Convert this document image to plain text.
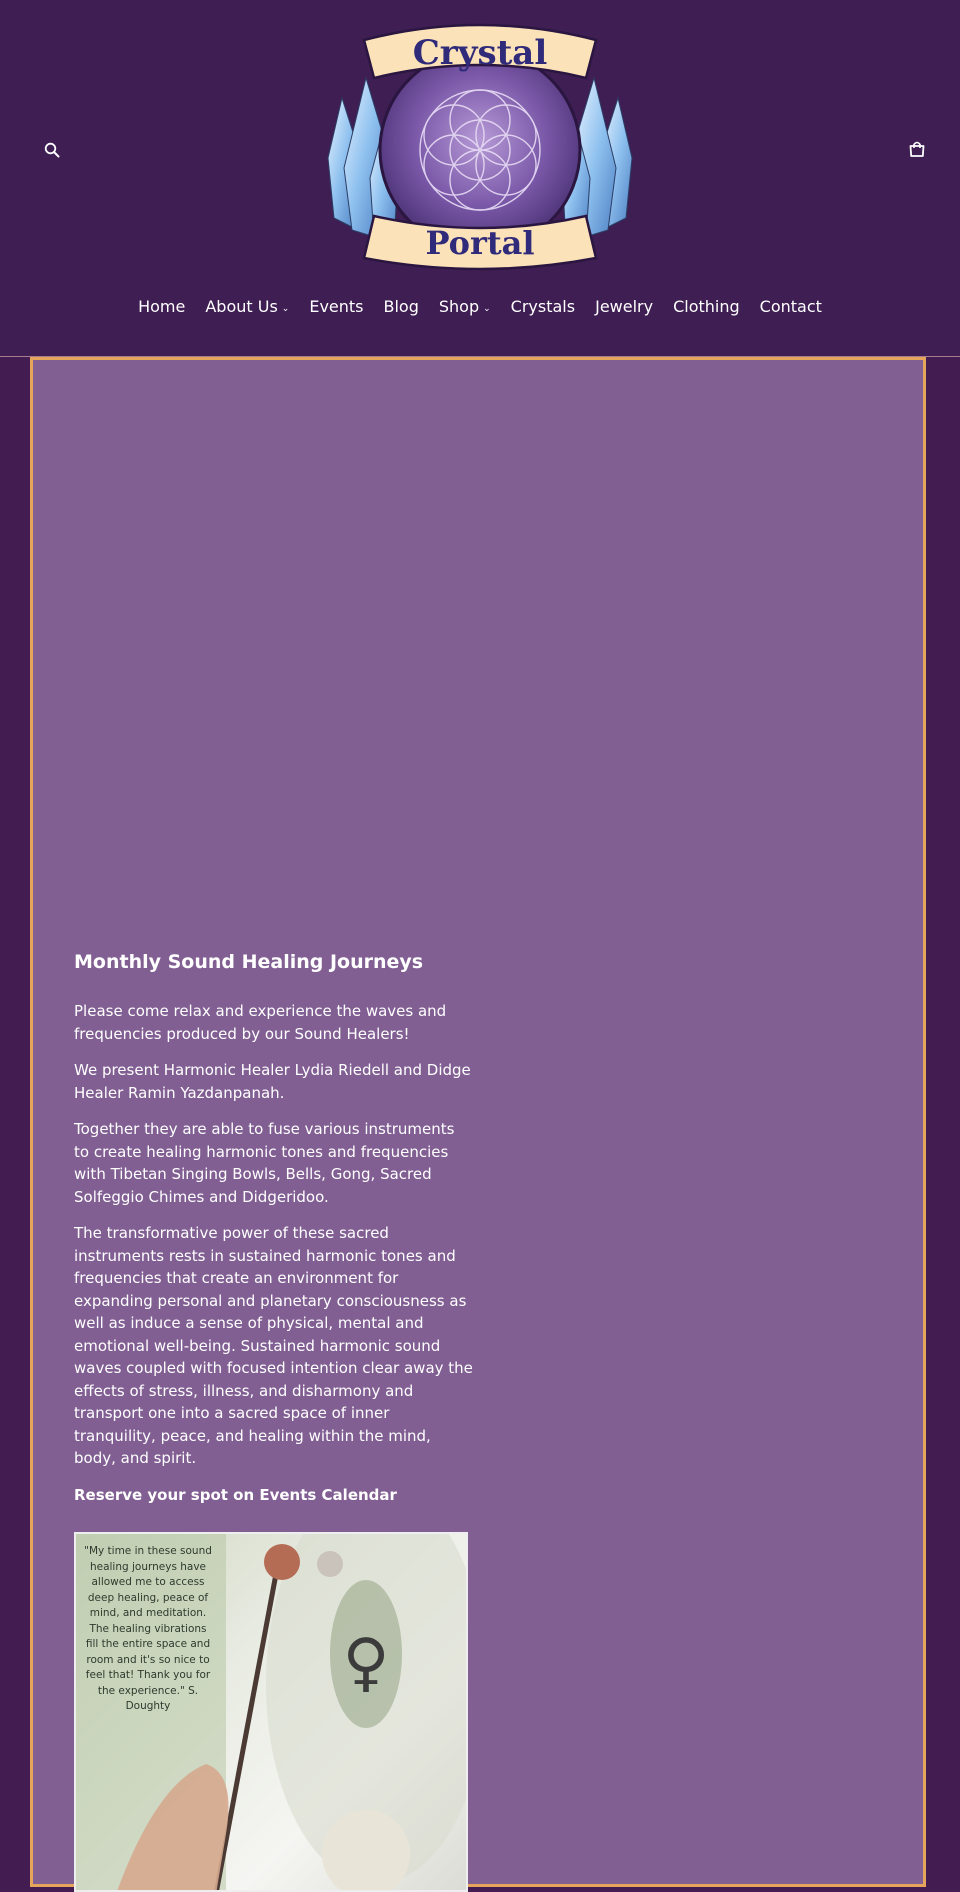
Crystal
Portal
Home About Us ⌄ Events Blog Shop ⌄ Crystals Jewelry Clothing Contact
Monthly Sound Healing Journeys

Please come relax and experience the waves and frequencies produced by our Sound Healers!

We present Harmonic Healer Lydia Riedell and Didge Healer Ramin Yazdanpanah.

Together they are able to fuse various instruments to create healing harmonic tones and frequencies with Tibetan Singing Bowls, Bells, Gong, Sacred Solfeggio Chimes and Didgeridoo.

The transformative power of these sacred instruments rests in sustained harmonic tones and frequencies that create an environment for expanding personal and planetary consciousness as well as induce a sense of physical, mental and emotional well-being. Sustained harmonic sound waves coupled with focused intention clear away the effects of stress, illness, and disharmony and transport one into a sacred space of inner tranquility, peace, and healing within the mind, body, and spirit.

Reserve your spot on Events Calendar

♀
"My time in these sound healing journeys have allowed me to access deep healing, peace of mind, and meditation. The healing vibrations fill the entire space and room and it's so nice to feel that! Thank you for the experience." S. Doughty
